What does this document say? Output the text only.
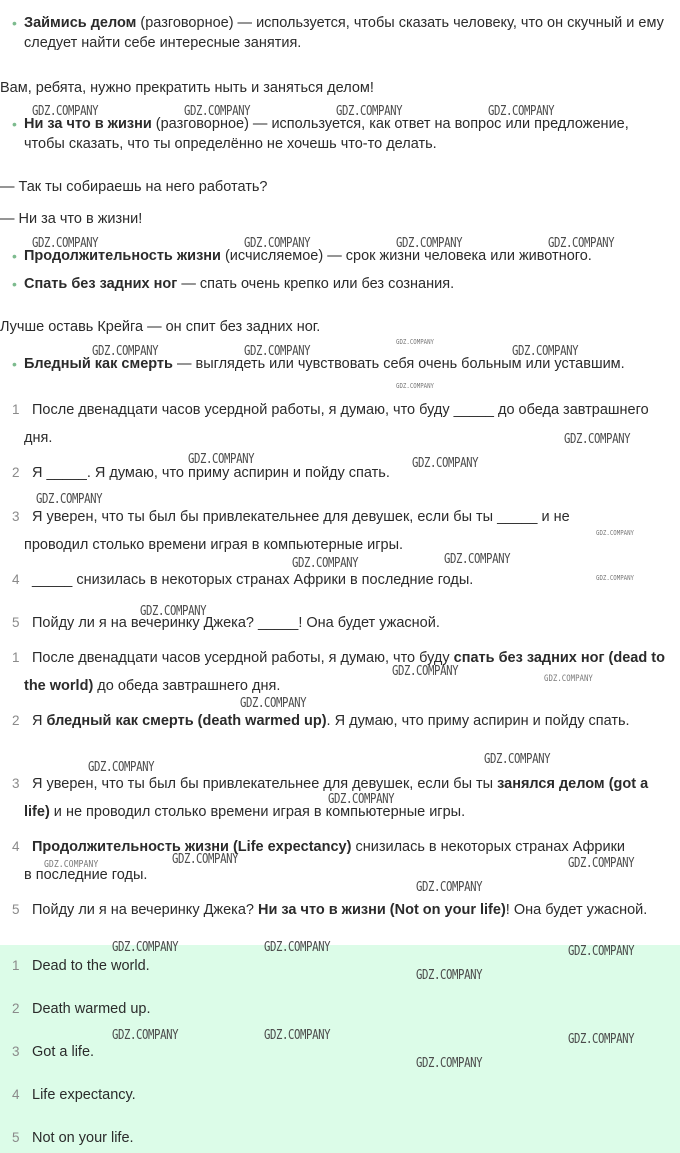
• Займись делом (разговорное) — используется, чтобы сказать человеку, что он скучный и ему следует найти себе интересные занятия.
Вам, ребята, нужно прекратить ныть и заняться делом!
• Ни за что в жизни (разговорное) — используется, как ответ на вопрос или предложение, чтобы сказать, что ты определённо не хочешь что-то делать.
— Так ты собираешь на него работать?
— Ни за что в жизни!
• Продолжительность жизни (исчисляемое) — срок жизни человека или животного.
• Спать без задних ног — спать очень крепко или без сознания.
Лучше оставь Крейга — он спит без задних ног.
• Бледный как смерть — выглядеть или чувствовать себя очень больным или уставшим.
1 После двенадцати часов усердной работы, я думаю, что буду _____ до обеда завтрашнего дня.
2 Я _____. Я думаю, что приму аспирин и пойду спать.
3 Я уверен, что ты был бы привлекательнее для девушек, если бы ты _____ и не проводил столько времени играя в компьютерные игры.
4 _____ снизилась в некоторых странах Африки в последние годы.
5 Пойду ли я на вечеринку Джека? _____! Она будет ужасной.
1 После двенадцати часов усердной работы, я думаю, что буду спать без задних ног (dead to the world) до обеда завтрашнего дня.
2 Я бледный как смерть (death warmed up). Я думаю, что приму аспирин и пойду спать.
3 Я уверен, что ты был бы привлекательнее для девушек, если бы ты занялся делом (got a life) и не проводил столько времени играя в компьютерные игры.
4 Продолжительность жизни (Life expectancy) снизилась в некоторых странах Африки в последние годы.
5 Пойду ли я на вечеринку Джека? Ни за что в жизни (Not on your life)! Она будет ужасной.
1 Dead to the world.
2 Death warmed up.
3 Got a life.
4 Life expectancy.
5 Not on your life.
GDZ.COMPANY	GDZ.COMPANY	GDZ.COMPANY	GDZ.COMPANY
GDZ.COMPANY	GDZ.COMPANY	GDZ.COMPANY	GDZ.COMPANY
GDZ.COMPANY
GDZ.COMPANY	GDZ.COMPANY	GDZ.COMPANY
GDZ.COMPANY
GDZ.COMPANY
GDZ.COMPANY	GDZ.COMPANY
GDZ.COMPANY
GDZ.COMPANY
GDZ.COMPANY	GDZ.COMPANY
GDZ.COMPANY
GDZ.COMPANY
GDZ.COMPANY	GDZ.COMPANY
GDZ.COMPANY
GDZ.COMPANY
GDZ.COMPANY
GDZ.COMPANY
GDZ.COMPANY
GDZ.COMPANY	GDZ.COMPANY
GDZ.COMPANY
GDZ.COMPANY	GDZ.COMPANY	GDZ.COMPANY
GDZ.COMPANY
GDZ.COMPANY	GDZ.COMPANY	GDZ.COMPANY
GDZ.COMPANY
